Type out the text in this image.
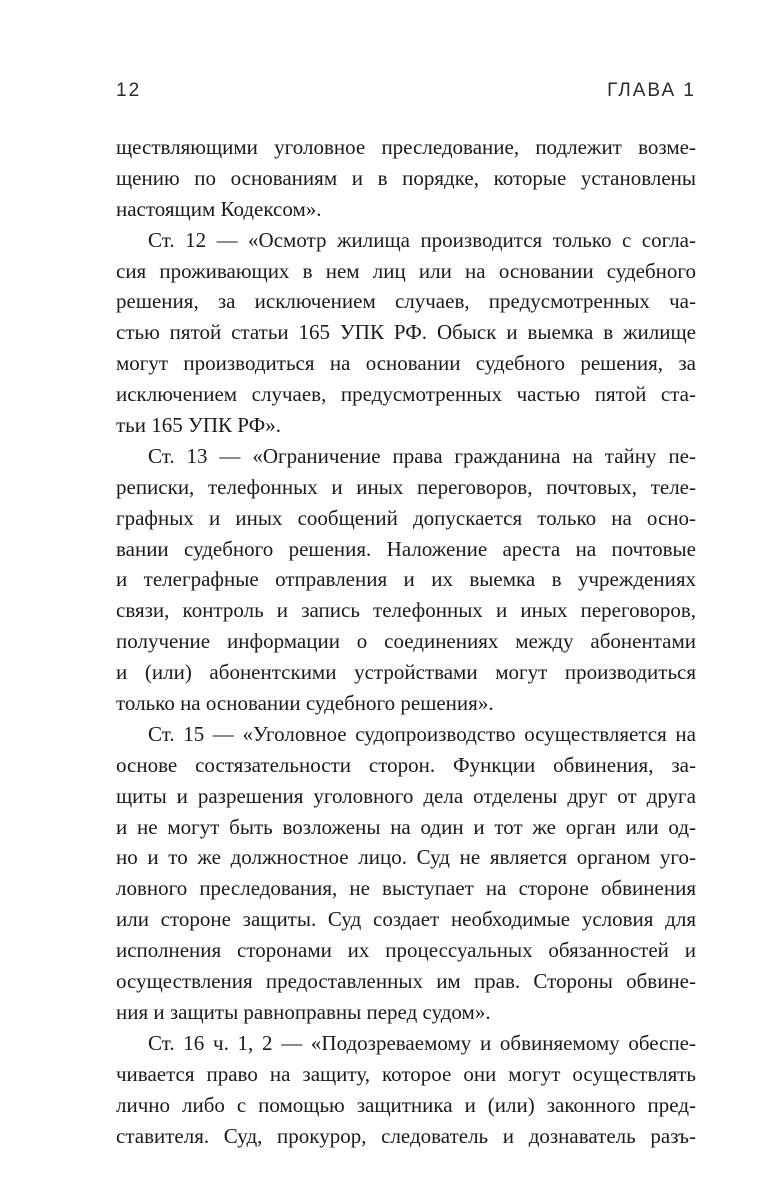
12	ГЛАВА 1
ществляющими уголовное преследование, подлежит возме-
щению по основаниям и в порядке, которые установлены
настоящим Кодексом».
Ст. 12 — «Осмотр жилища производится только с согла-
сия проживающих в нем лиц или на основании судебного
решения, за исключением случаев, предусмотренных ча-
стью пятой статьи 165 УПК РФ. Обыск и выемка в жилище
могут производиться на основании судебного решения, за
исключением случаев, предусмотренных частью пятой ста-
тьи 165 УПК РФ».
Ст. 13 — «Ограничение права гражданина на тайну пе-
реписки, телефонных и иных переговоров, почтовых, теле-
графных и иных сообщений допускается только на осно-
вании судебного решения. Наложение ареста на почтовые
и телеграфные отправления и их выемка в учреждениях
связи, контроль и запись телефонных и иных переговоров,
получение информации о соединениях между абонентами
и (или) абонентскими устройствами могут производиться
только на основании судебного решения».
Ст. 15 — «Уголовное судопроизводство осуществляется на
основе состязательности сторон. Функции обвинения, за-
щиты и разрешения уголовного дела отделены друг от друга
и не могут быть возложены на один и тот же орган или од-
но и то же должностное лицо. Суд не является органом уго-
ловного преследования, не выступает на стороне обвинения
или стороне защиты. Суд создает необходимые условия для
исполнения сторонами их процессуальных обязанностей и
осуществления предоставленных им прав. Стороны обвине-
ния и защиты равноправны перед судом».
Ст. 16 ч. 1, 2 — «Подозреваемому и обвиняемому обеспе-
чивается право на защиту, которое они могут осуществлять
лично либо с помощью защитника и (или) законного пред-
ставителя. Суд, прокурор, следователь и дознаватель разъ-
